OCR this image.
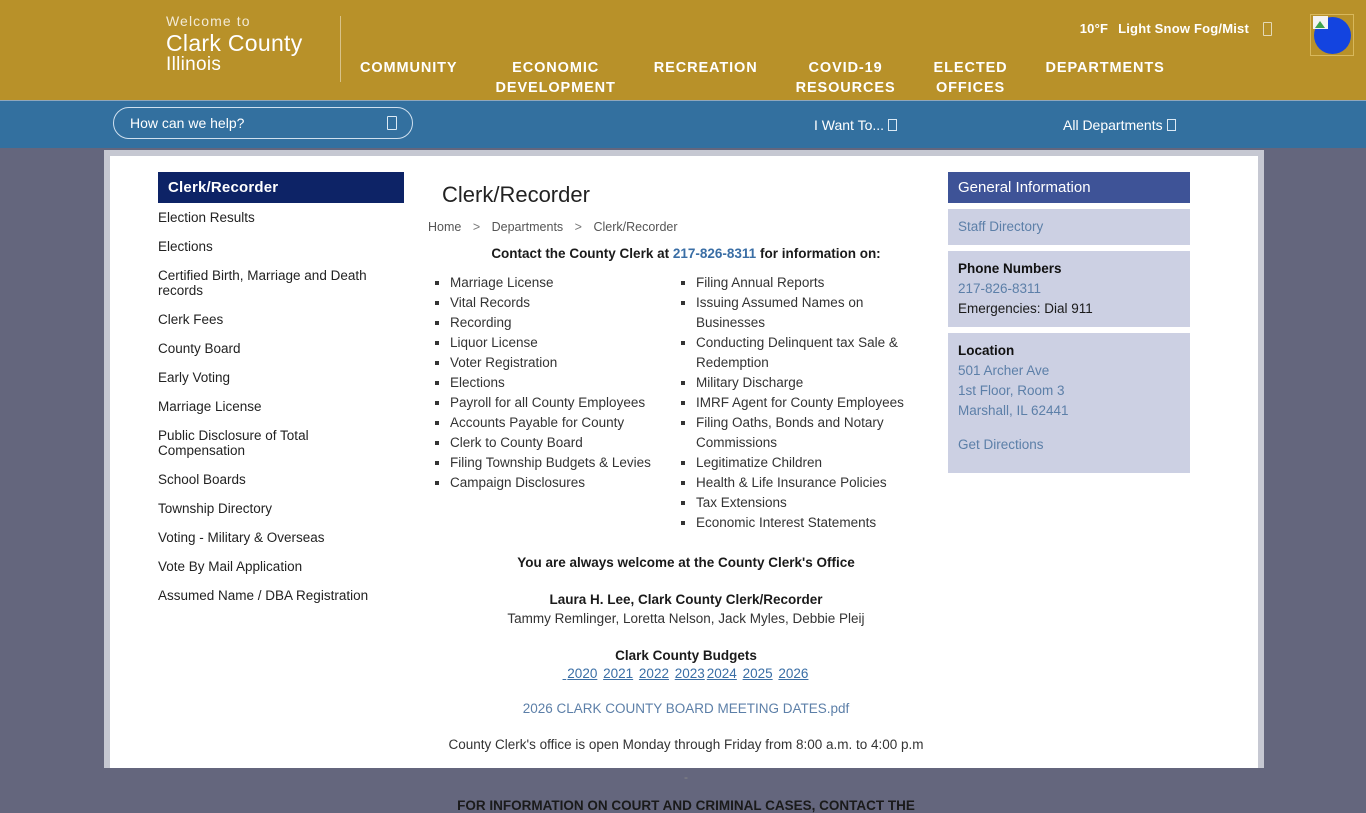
Welcome to
Clark County
Illinois
10°F Light Snow Fog/Mist
COMMUNITY	ECONOMIC
DEVELOPMENT
RECREATION	COVID-19
RESOURCES
ELECTED
OFFICES
DEPARTMENTS
How can we help?
I Want To...	All Departments
Clerk/Recorder
Election Results
Elections
Certified Birth, Marriage and Death records
Clerk Fees
County Board
Early Voting
Marriage License
Public Disclosure of Total Compensation
School Boards
Township Directory
Voting - Military & Overseas
Vote By Mail Application
Assumed Name / DBA Registration
Clerk/Recorder
Home > Departments > Clerk/Recorder
Contact the County Clerk at 217-826-8311 for information on:
▪ Marriage License
▪ Vital Records
▪ Recording
▪ Liquor License
▪ Voter Registration
▪ Elections
▪ Payroll for all County Employees
▪ Accounts Payable for County
▪ Clerk to County Board
▪ Filing Township Budgets & Levies
▪ Campaign Disclosures
▪ Filing Annual Reports
▪ Issuing Assumed Names on Businesses
▪ Conducting Delinquent tax Sale & Redemption
▪ Military Discharge
▪ IMRF Agent for County Employees
▪ Filing Oaths, Bonds and Notary Commissions
▪ Legitimatize Children
▪ Health & Life Insurance Policies
▪ Tax Extensions
▪ Economic Interest Statements
You are always welcome at the County Clerk's Office
Laura H. Lee, Clark County Clerk/Recorder
Tammy Remlinger, Loretta Nelson, Jack Myles, Debbie Pleij
Clark County Budgets
2020 2021 2022 2023 2024 2025 2026
2026 CLARK COUNTY BOARD MEETING DATES.pdf
County Clerk's office is open Monday through Friday from 8:00 a.m. to 4:00 p.m
-
FOR INFORMATION ON COURT AND CRIMINAL CASES, CONTACT THE
General Information
Staff Directory
Phone Numbers
217-826-8311
Emergencies: Dial 911
Location
501 Archer Ave
1st Floor, Room 3
Marshall, IL 62441
Get Directions
